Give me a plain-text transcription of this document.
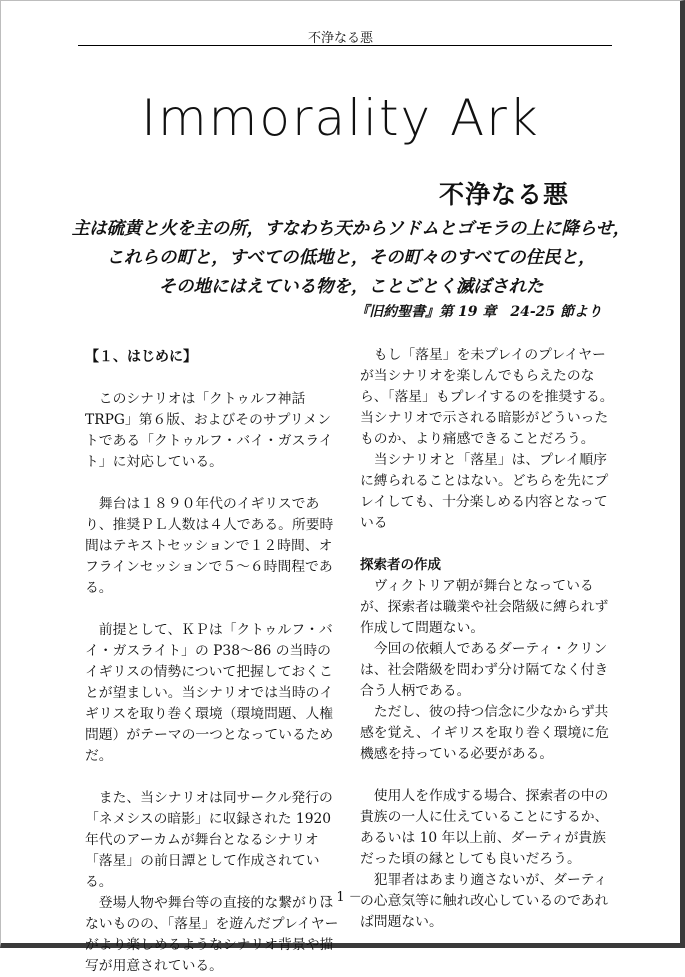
不浄なる悪
Immorality Ark
不浄なる悪
主は硫黄と火を主の所，すなわち天からソドムとゴモラの上に降らせ，
これらの町と，すべての低地と，その町々のすべての住民と，
その地にはえている物を，ことごとく滅ぼされた
『旧約聖書』第 19 章　24-25 節より
【１、はじめに】

　このシナリオは「クトゥルフ神話 TRPG」第６版、およびそのサプリメントである「クトゥルフ・バイ・ガスライト」に対応している。

　舞台は１８９０年代のイギリスであり、推奨ＰＬ人数は４人である。所要時間はテキストセッションで１２時間、オフラインセッションで５～６時間程である。

　前提として、ＫＰは「クトゥルフ・バイ・ガスライト」の P38～86 の当時のイギリスの情勢について把握しておくことが望ましい。当シナリオでは当時のイギリスを取り巻く環境（環境問題、人権問題）がテーマの一つとなっているためだ。

　また、当シナリオは同サークル発行の「ネメシスの暗影」に収録された 1920 年代のアーカムが舞台となるシナリオ「落星」の前日譚として作成されている。

　登場人物や舞台等の直接的な繋がりはないものの、「落星」を遊んだプレイヤーがより楽しめるようなシナリオ背景や描写が用意されている。

　もし「落星」を未プレイのプレイヤーが当シナリオを楽しんでもらえたのなら、「落星」もプレイするのを推奨する。当シナリオで示される暗影がどういったものか、より痛感できることだろう。

　当シナリオと「落星」は、プレイ順序に縛られることはない。どちらを先にプレイしても、十分楽しめる内容となっている

探索者の作成

　ヴィクトリア朝が舞台となっているが、探索者は職業や社会階級に縛られず作成して問題ない。

　今回の依頼人であるダーティ・クリンは、社会階級を問わず分け隔てなく付き合う人柄である。

　ただし、彼の持つ信念に少なからず共感を覚え、イギリスを取り巻く環境に危機感を持っている必要がある。

　使用人を作成する場合、探索者の中の貴族の一人に仕えていることにするか、あるいは 10 年以上前、ダーティが貴族だった頃の縁としても良いだろう。

　犯罪者はあまり適さないが、ダーティの心意気等に触れ改心しているのであれば問題ない。

－ 1 －
